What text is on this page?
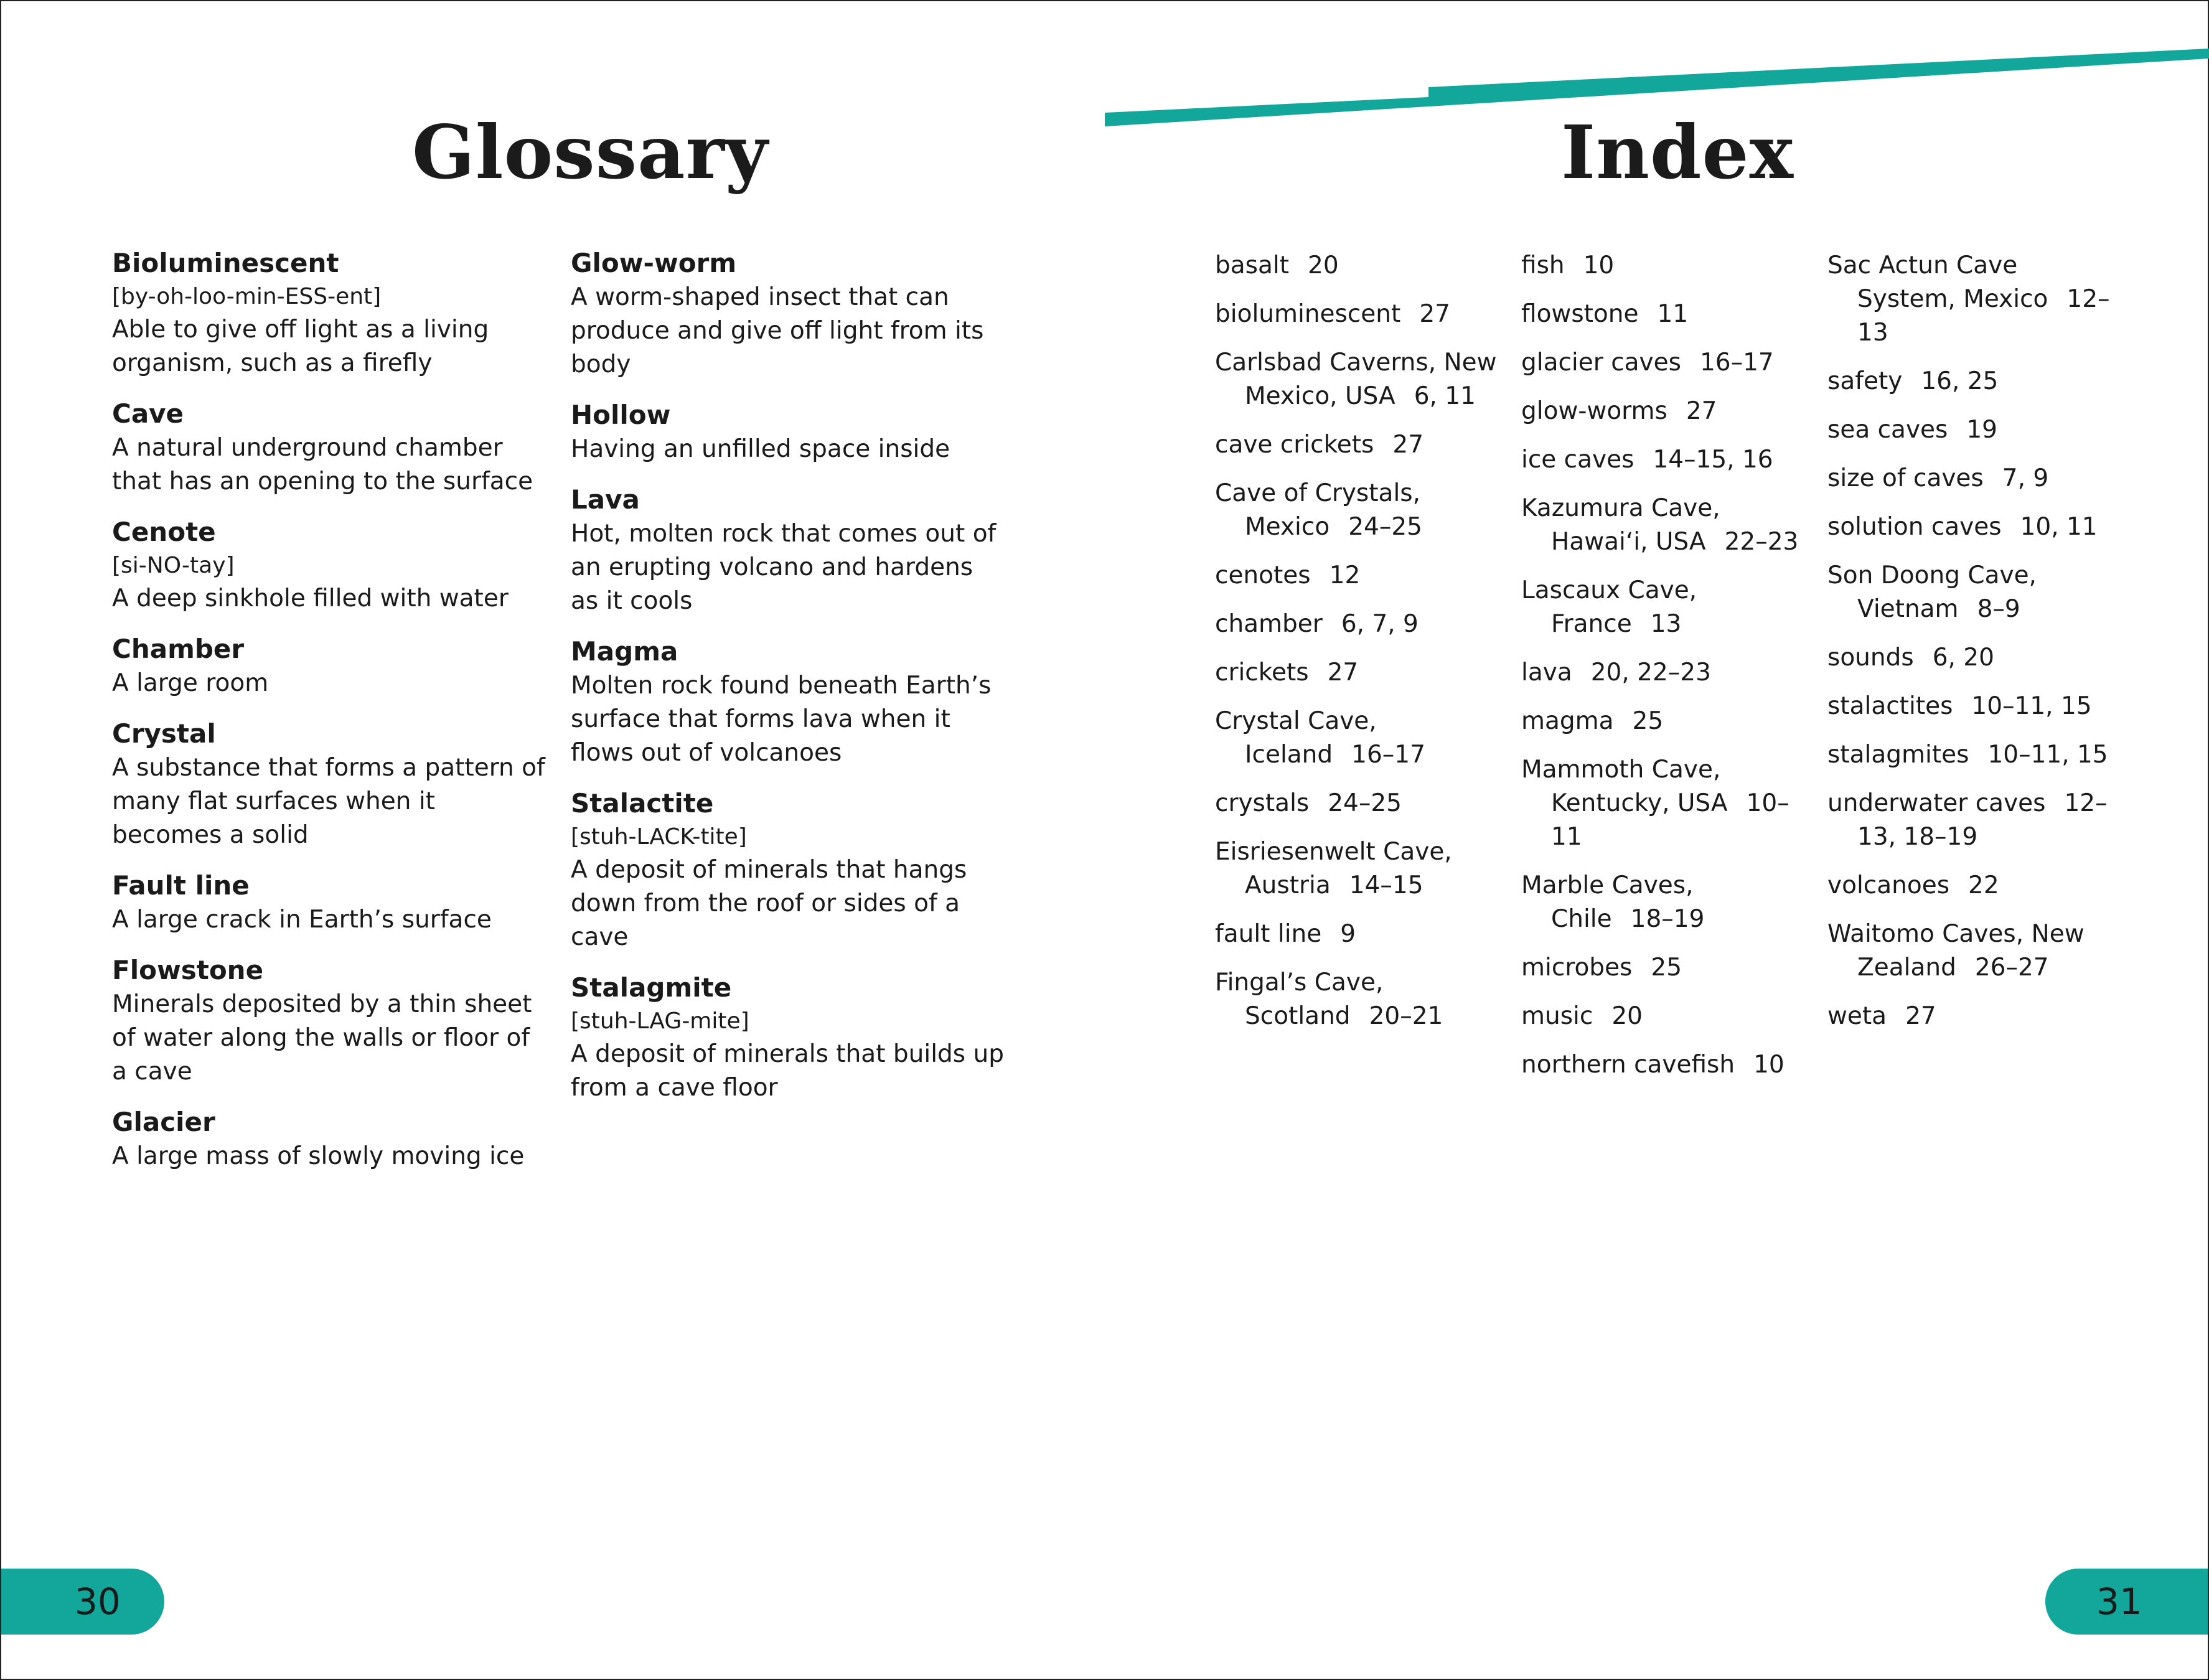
Glossary	Index
Bioluminescent
[by-oh-loo-min-ESS-ent]
Able to give off light as a living organism, such as a firefly
Cave
A natural underground chamber that has an opening to the surface
Cenote
[si-NO-tay]
A deep sinkhole filled with water
Chamber
A large room
Crystal
A substance that forms a pattern of many flat surfaces when it becomes a solid
Fault line
A large crack in Earth’s surface
Flowstone
Minerals deposited by a thin sheet of water along the walls or floor of a cave
Glacier
A large mass of slowly moving ice
Glow-worm
A worm-shaped insect that can produce and give off light from its body
Hollow
Having an unfilled space inside
Lava
Hot, molten rock that comes out of an erupting volcano and hardens as it cools
Magma
Molten rock found beneath Earth’s surface that forms lava when it flows out of volcanoes
Stalactite
[stuh-LACK-tite]
A deposit of minerals that hangs down from the roof or sides of a cave
Stalagmite
[stuh-LAG-mite]
A deposit of minerals that builds up from a cave floor
basalt 20
bioluminescent 27
Carlsbad Caverns, New Mexico, USA 6, 11
cave crickets 27
Cave of Crystals, Mexico 24–25
cenotes 12
chamber 6, 7, 9
crickets 27
Crystal Cave, Iceland 16–17
crystals 24–25
Eisriesenwelt Cave, Austria 14–15
fault line 9
Fingal’s Cave, Scotland 20–21
fish 10
flowstone 11
glacier caves 16–17
glow-worms 27
ice caves 14–15, 16
Kazumura Cave, Hawai‘i, USA 22–23
Lascaux Cave, France 13
lava 20, 22–23
magma 25
Mammoth Cave, Kentucky, USA 10–11
Marble Caves, Chile 18–19
microbes 25
music 20
northern cavefish 10
Sac Actun Cave System, Mexico 12–13
safety 16, 25
sea caves 19
size of caves 7, 9
solution caves 10, 11
Son Doong Cave, Vietnam 8–9
sounds 6, 20
stalactites 10–11, 15
stalagmites 10–11, 15
underwater caves 12–13, 18–19
volcanoes 22
Waitomo Caves, New Zealand 26–27
weta 27
30	31
